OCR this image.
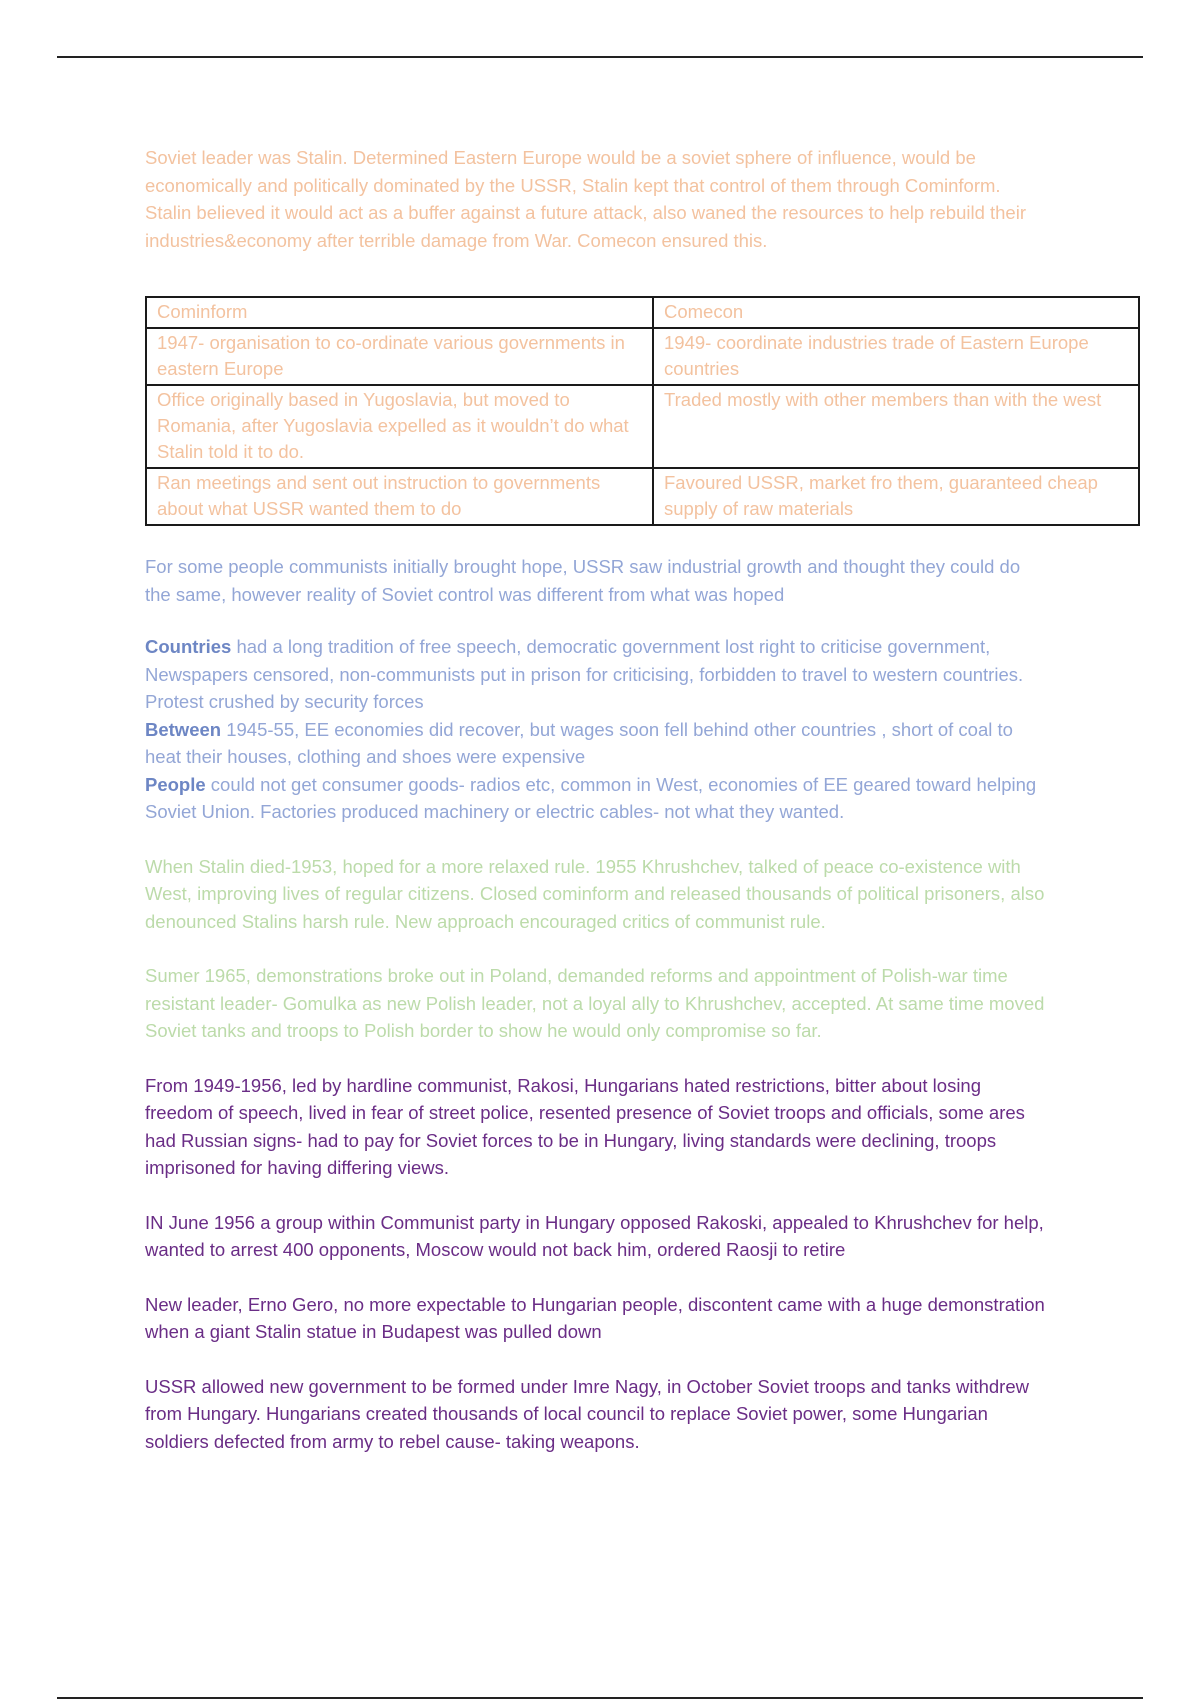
Soviet leader was Stalin. Determined Eastern Europe would be a soviet sphere of influence, would be economically and politically dominated by the USSR, Stalin kept that control of them through Cominform. Stalin believed it would act as a buffer against a future attack, also waned the resources to help rebuild their industries&economy after terrible damage from War. Comecon ensured this.

Cominform	Comecon
1947- organisation to co-ordinate various governments in eastern Europe	1949- coordinate industries trade of Eastern Europe countries
Office originally based in Yugoslavia, but moved to Romania, after Yugoslavia expelled as it wouldn’t do what Stalin told it to do.	Traded mostly with other members than with the west
Ran meetings and sent out instruction to governments about what USSR wanted them to do	Favoured USSR, market fro them, guaranteed cheap supply of raw materials

For some people communists initially brought hope, USSR saw industrial growth and thought they could do the same, however reality of Soviet control was different from what was hoped

Countries had a long tradition of free speech, democratic government lost right to criticise government, Newspapers censored, non-communists put in prison for criticising, forbidden to travel to western countries. Protest crushed by security forces

Between 1945-55, EE economies did recover, but wages soon fell behind other countries , short of coal to heat their houses, clothing and shoes were expensive

People could not get consumer goods- radios etc, common in West, economies of EE geared toward helping Soviet Union. Factories produced machinery or electric cables- not what they wanted.

When Stalin died-1953, hoped for a more relaxed rule. 1955 Khrushchev, talked of peace co-existence with West, improving lives of regular citizens. Closed cominform and released thousands of political prisoners, also denounced Stalins harsh rule. New approach encouraged critics of communist rule.

Sumer 1965, demonstrations broke out in Poland, demanded reforms and appointment of Polish-war time resistant leader- Gomulka as new Polish leader, not a loyal ally to Khrushchev, accepted. At same time moved Soviet tanks and troops to Polish border to show he would only compromise so far.

From 1949-1956, led by hardline communist, Rakosi, Hungarians hated restrictions, bitter about losing freedom of speech, lived in fear of street police, resented presence of Soviet troops and officials, some ares had Russian signs- had to pay for Soviet forces to be in Hungary, living standards were declining, troops imprisoned for having differing views.

IN June 1956 a group within Communist party in Hungary opposed Rakoski, appealed to Khrushchev for help, wanted to arrest 400 opponents, Moscow would not back him, ordered Raosji to retire

New leader, Erno Gero, no more expectable to Hungarian people, discontent came with a huge demonstration when a giant Stalin statue in Budapest was pulled down

USSR allowed new government to be formed under Imre Nagy, in October Soviet troops and tanks withdrew from Hungary. Hungarians created thousands of local council to replace Soviet power, some Hungarian soldiers defected from army to rebel cause- taking weapons.
